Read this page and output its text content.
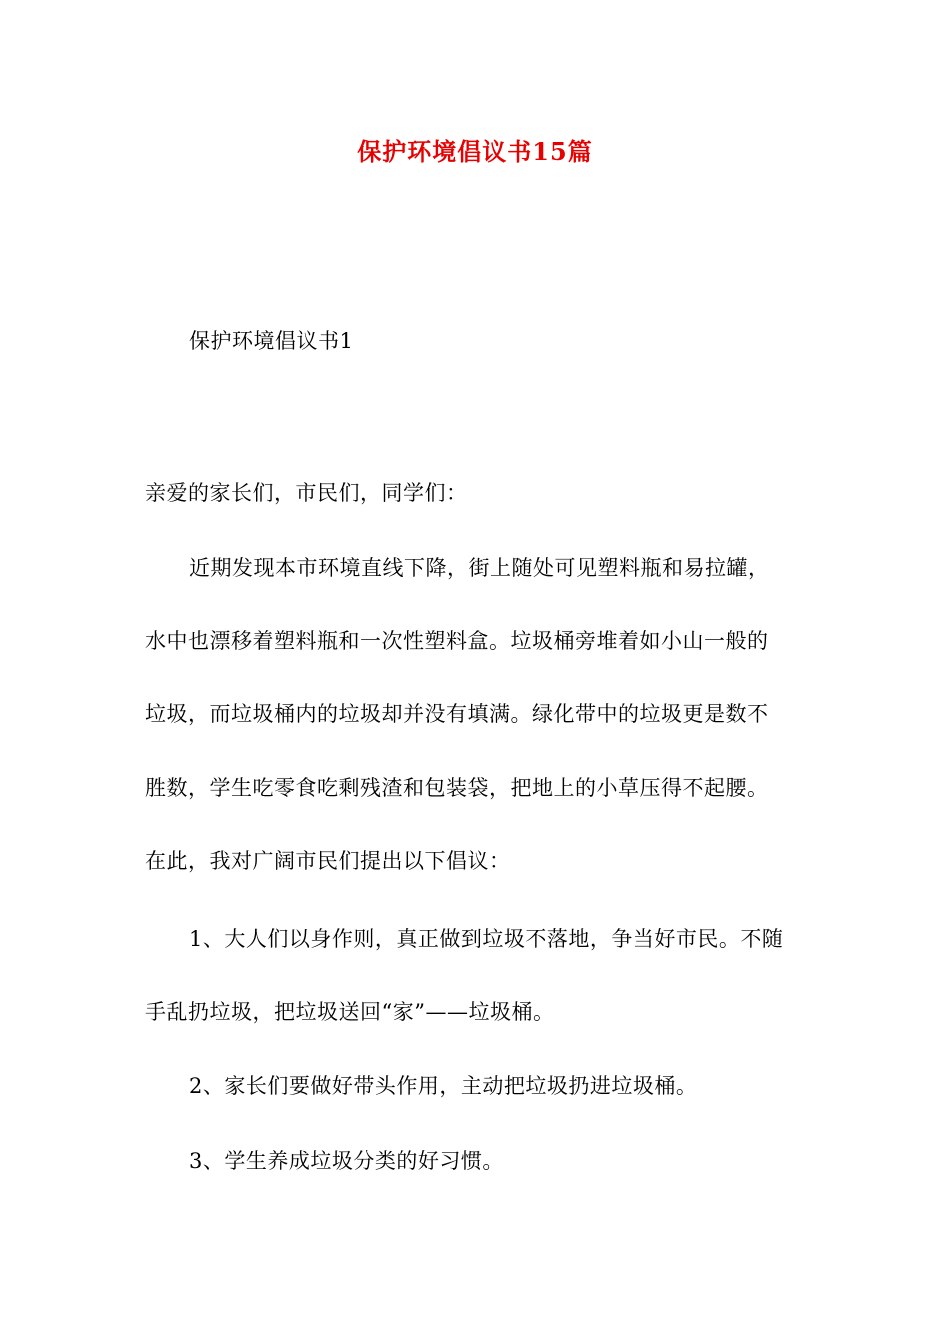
保护环境倡议书15篇
保护环境倡议书1
亲爱的家长们，市民们，同学们：
近期发现本市环境直线下降，街上随处可见塑料瓶和易拉罐，
水中也漂移着塑料瓶和一次性塑料盒。垃圾桶旁堆着如小山一般的
垃圾，而垃圾桶内的垃圾却并没有填满。绿化带中的垃圾更是数不
胜数，学生吃零食吃剩残渣和包装袋，把地上的小草压得不起腰。
在此，我对广阔市民们提出以下倡议：
1、大人们以身作则，真正做到垃圾不落地，争当好市民。不随
手乱扔垃圾，把垃圾送回“家”——垃圾桶。
2、家长们要做好带头作用，主动把垃圾扔进垃圾桶。
3、学生养成垃圾分类的好习惯。
